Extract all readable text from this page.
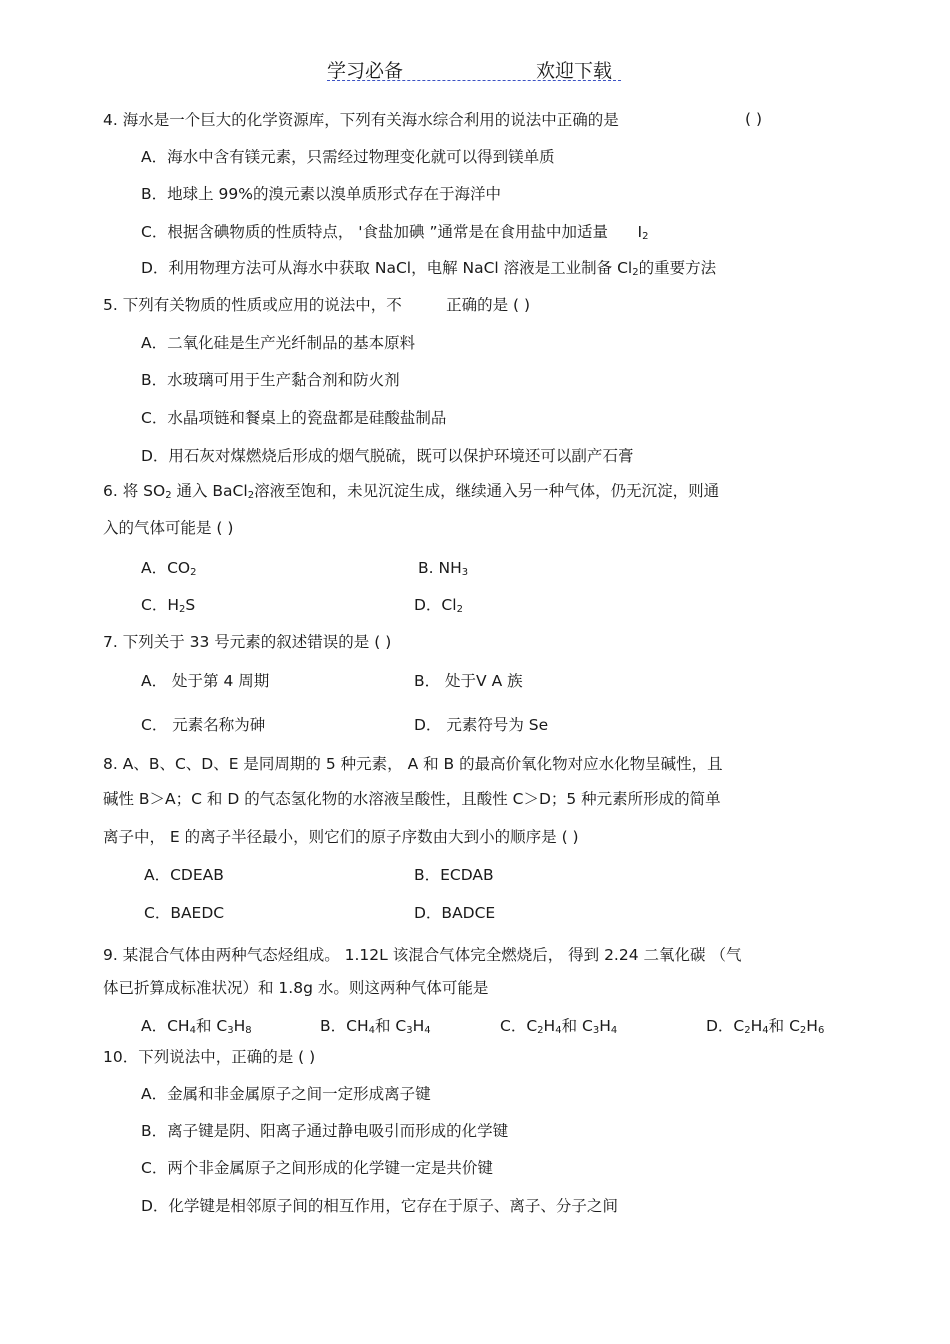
学习必备	欢迎下载
4. 海水是一个巨大的化学资源库，下列有关海水综合利用的说法中正确的是	( )
A．海水中含有镁元素，只需经过物理变化就可以得到镁单质
B．地球上 99%的溴元素以溴单质形式存在于海洋中
C．根据含碘物质的性质特点， '食盐加碘 ”通常是在食用盐中加适量 $I_2$
D．利用物理方法可从海水中获取 NaCl，电解 NaCl 溶液是工业制备 $Cl_2$的重要方法
5. 下列有关物质的性质或应用的说法中，不	正确的是 ( )
A．二氧化硅是生产光纤制品的基本原料
B．水玻璃可用于生产黏合剂和防火剂
C．水晶项链和餐桌上的瓷盘都是硅酸盐制品
D．用石灰对煤燃烧后形成的烟气脱硫，既可以保护环境还可以副产石膏
6. 将 $SO_2$ 通入 BaCl$_2$溶液至饱和，未见沉淀生成，继续通入另一种气体，仍无沉淀，则通
入的气体可能是 ( )
A．$CO_2$	B. $NH_3$
C．$H_2S$	D．$Cl_2$
7. 下列关于 33 号元素的叙述错误的是 ( )
A． 处于第 4 周期	B． 处于Ⅴ A 族
C． 元素名称为砷	D． 元素符号为 Se
8. A、B、C、D、E 是同周期的 5 种元素， A 和 B 的最高价氧化物对应水化物呈碱性，且
碱性 B＞A；C 和 D 的气态氢化物的水溶液呈酸性，且酸性 C＞D；5 种元素所形成的简单
离子中， E 的离子半径最小，则它们的原子序数由大到小的顺序是 ( )
A．CDEAB	B．ECDAB
C．BAEDC	D．BADCE
9. 某混合气体由两种气态烃组成。 1.12L 该混合气体完全燃烧后， 得到 2.24 二氧化碳 （气
体已折算成标准状况）和 1.8g 水。则这两种气体可能是
A．$CH_4$和 $C_3H_8$	B．$CH_4$和 $C_3H_4$	C．$C_2H_4$和 $C_3H_4$	D．$C_2H_4$和 $C_2H_6$
10．下列说法中，正确的是 ( )
A．金属和非金属原子之间一定形成离子键
B．离子键是阴、阳离子通过静电吸引而形成的化学键
C．两个非金属原子之间形成的化学键一定是共价键
D．化学键是相邻原子间的相互作用，它存在于原子、离子、分子之间
